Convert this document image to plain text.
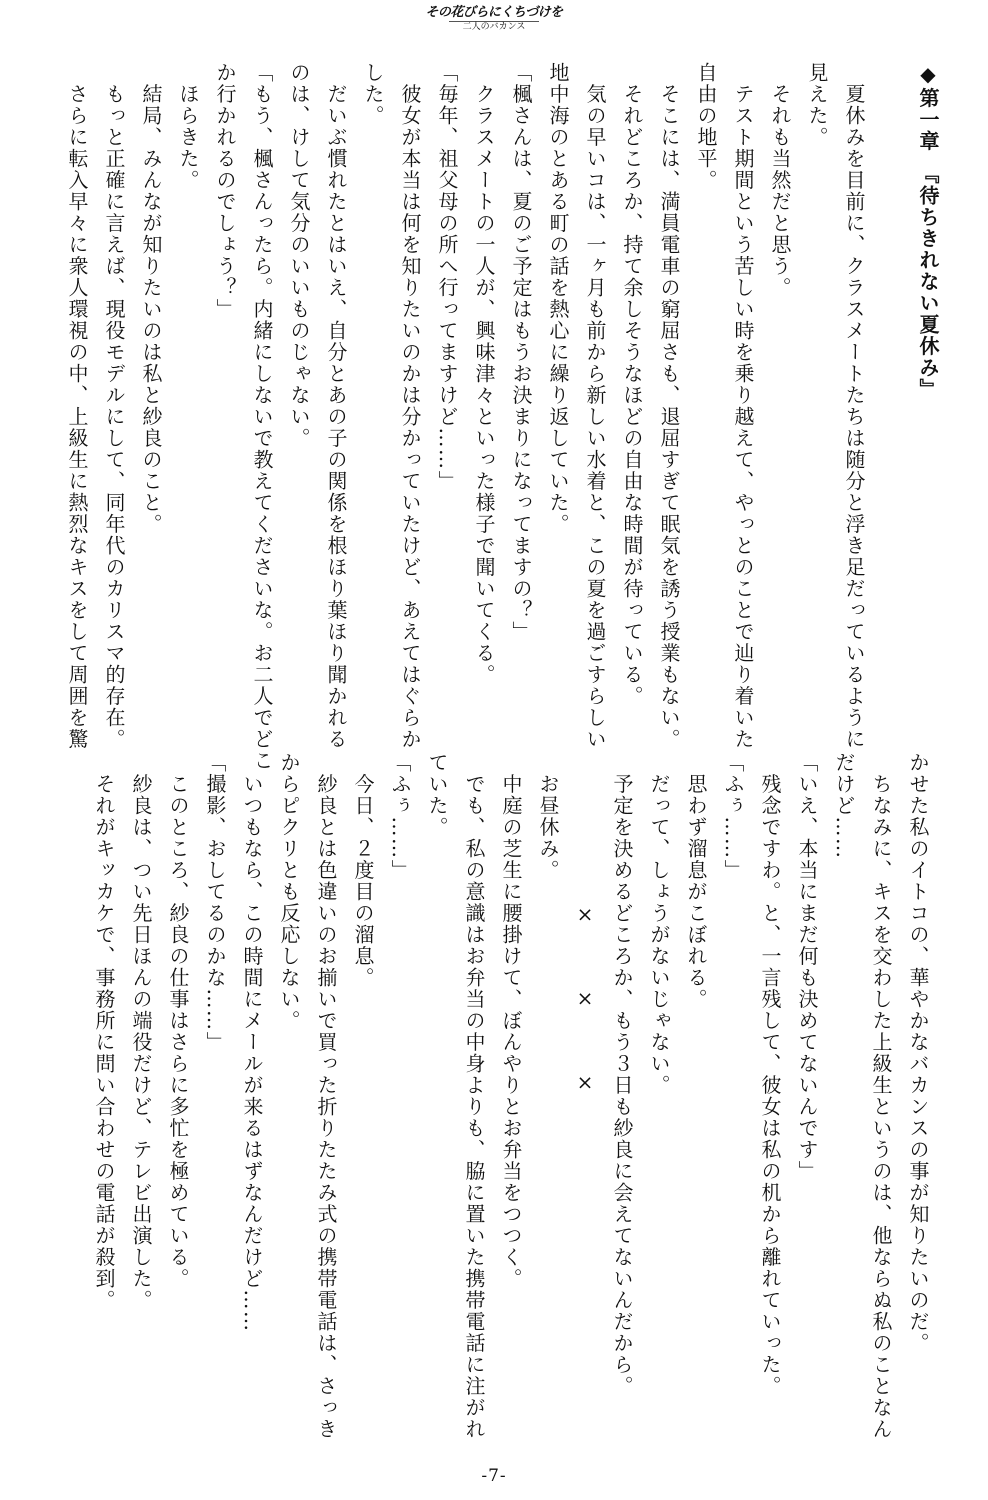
その花びらにくちづけを
二人のバカンス
◆第一章　『待ちきれない夏休み』
　夏休みを目前に、クラスメートたちは随分と浮き足だっているように
見えた。
　それも当然だと思う。
　テスト期間という苦しい時を乗り越えて、やっとのことで辿り着いた
自由の地平。
　そこには、満員電車の窮屈さも、退屈すぎて眠気を誘う授業もない。
　それどころか、持て余しそうなほどの自由な時間が待っている。
　気の早いコは、一ヶ月も前から新しい水着と、この夏を過ごすらしい
地中海のとある町の話を熱心に繰り返していた。
「楓さんは、夏のご予定はもうお決まりになってますの？」
　クラスメートの一人が、興味津々といった様子で聞いてくる。
「毎年、祖父母の所へ行ってますけど……」
　彼女が本当は何を知りたいのかは分かっていたけど、あえてはぐらか
した。
　だいぶ慣れたとはいえ、自分とあの子の関係を根ほり葉ほり聞かれる
のは、けして気分のいいものじゃない。
「もう、楓さんったら。内緒にしないで教えてくださいな。お二人でどこ
か行かれるのでしょう？」
　ほらきた。
　結局、みんなが知りたいのは私と紗良のこと。
　もっと正確に言えば、現役モデルにして、同年代のカリスマ的存在。
　さらに転入早々に衆人環視の中、上級生に熱烈なキスをして周囲を驚
かせた私のイトコの、華やかなバカンスの事が知りたいのだ。
　ちなみに、キスを交わした上級生というのは、他ならぬ私のことなん
だけど……
「いえ、本当にまだ何も決めてないんです」
　残念ですわ。と、一言残して、彼女は私の机から離れていった。
「ふぅ……」
　思わず溜息がこぼれる。
　だって、しょうがないじゃない。
　予定を決めるどころか、もう３日も紗良に会えてないんだから。
×××
　お昼休み。
　中庭の芝生に腰掛けて、ぼんやりとお弁当をつつく。
　でも、私の意識はお弁当の中身よりも、脇に置いた携帯電話に注がれ
ていた。
「ふぅ……」
　今日、２度目の溜息。
　紗良とは色違いのお揃いで買った折りたたみ式の携帯電話は、さっき
からピクリとも反応しない。
　いつもなら、この時間にメールが来るはずなんだけど……
「撮影、おしてるのかな……」
　このところ、紗良の仕事はさらに多忙を極めている。
　紗良は、つい先日ほんの端役だけど、テレビ出演した。
　それがキッカケで、事務所に問い合わせの電話が殺到。
-7-
